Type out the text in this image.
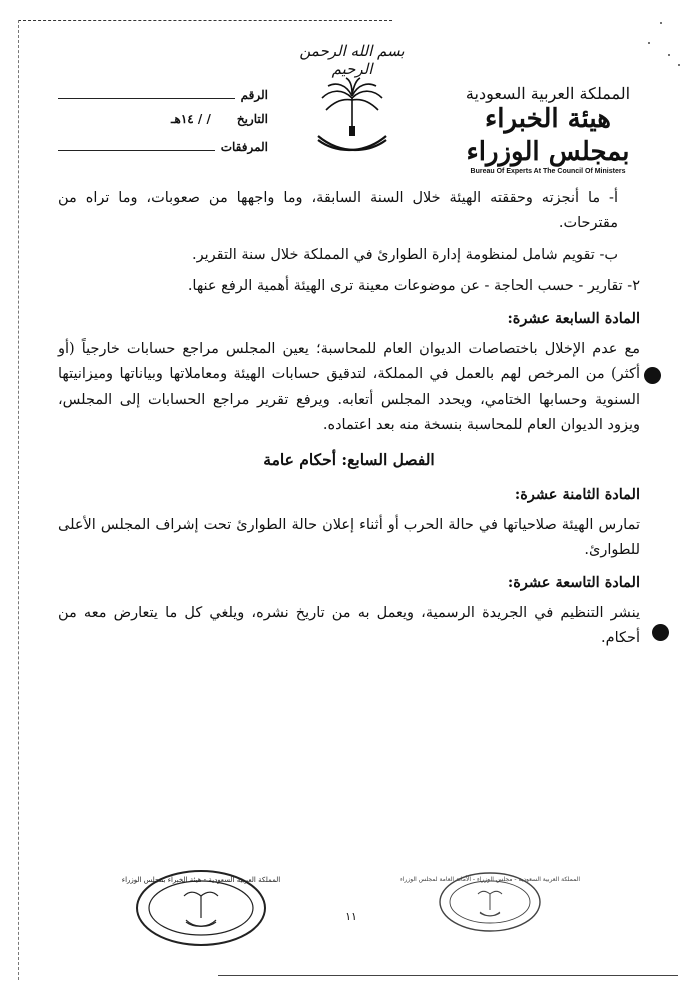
بسم الله الرحمن الرحيم
المملكة العربية السعودية
هيئة الخبراء بمجلس الوزراء
Bureau Of Experts At The Council Of Ministers
الرقم
التاريخ
/ / ١٤هـ
المرفقات

أ- ما أنجزته وحققته الهيئة خلال السنة السابقة، وما واجهها من صعوبات، وما تراه من مقترحات.

ب- تقويم شامل لمنظومة إدارة الطوارئ في المملكة خلال سنة التقرير.

٢- تقارير - حسب الحاجة - عن موضوعات معينة ترى الهيئة أهمية الرفع عنها.

المادة السابعة عشرة:

مع عدم الإخلال باختصاصات الديوان العام للمحاسبة؛ يعين المجلس مراجع حسابات خارجياً (أو أكثر) من المرخص لهم بالعمل في المملكة، لتدقيق حسابات الهيئة ومعاملاتها وبياناتها وميزانيتها السنوية وحسابها الختامي، ويحدد المجلس أتعابه. ويرفع تقرير مراجع الحسابات إلى المجلس، ويزود الديوان العام للمحاسبة بنسخة منه بعد اعتماده.

الفصل السابع: أحكام عامة

المادة الثامنة عشرة:

تمارس الهيئة صلاحياتها في حالة الحرب أو أثناء إعلان حالة الطوارئ تحت إشراف المجلس الأعلى للطوارئ.

المادة التاسعة عشرة:

ينشر التنظيم في الجريدة الرسمية، ويعمل به من تاريخ نشره، ويلغي كل ما يتعارض معه من أحكام.

المملكة العربية السعودية - هيئة الخبراء بمجلس الوزراء	المملكة العربية السعودية - مجلس الوزراء - الأمانة العامة لمجلس الوزراء
١١
